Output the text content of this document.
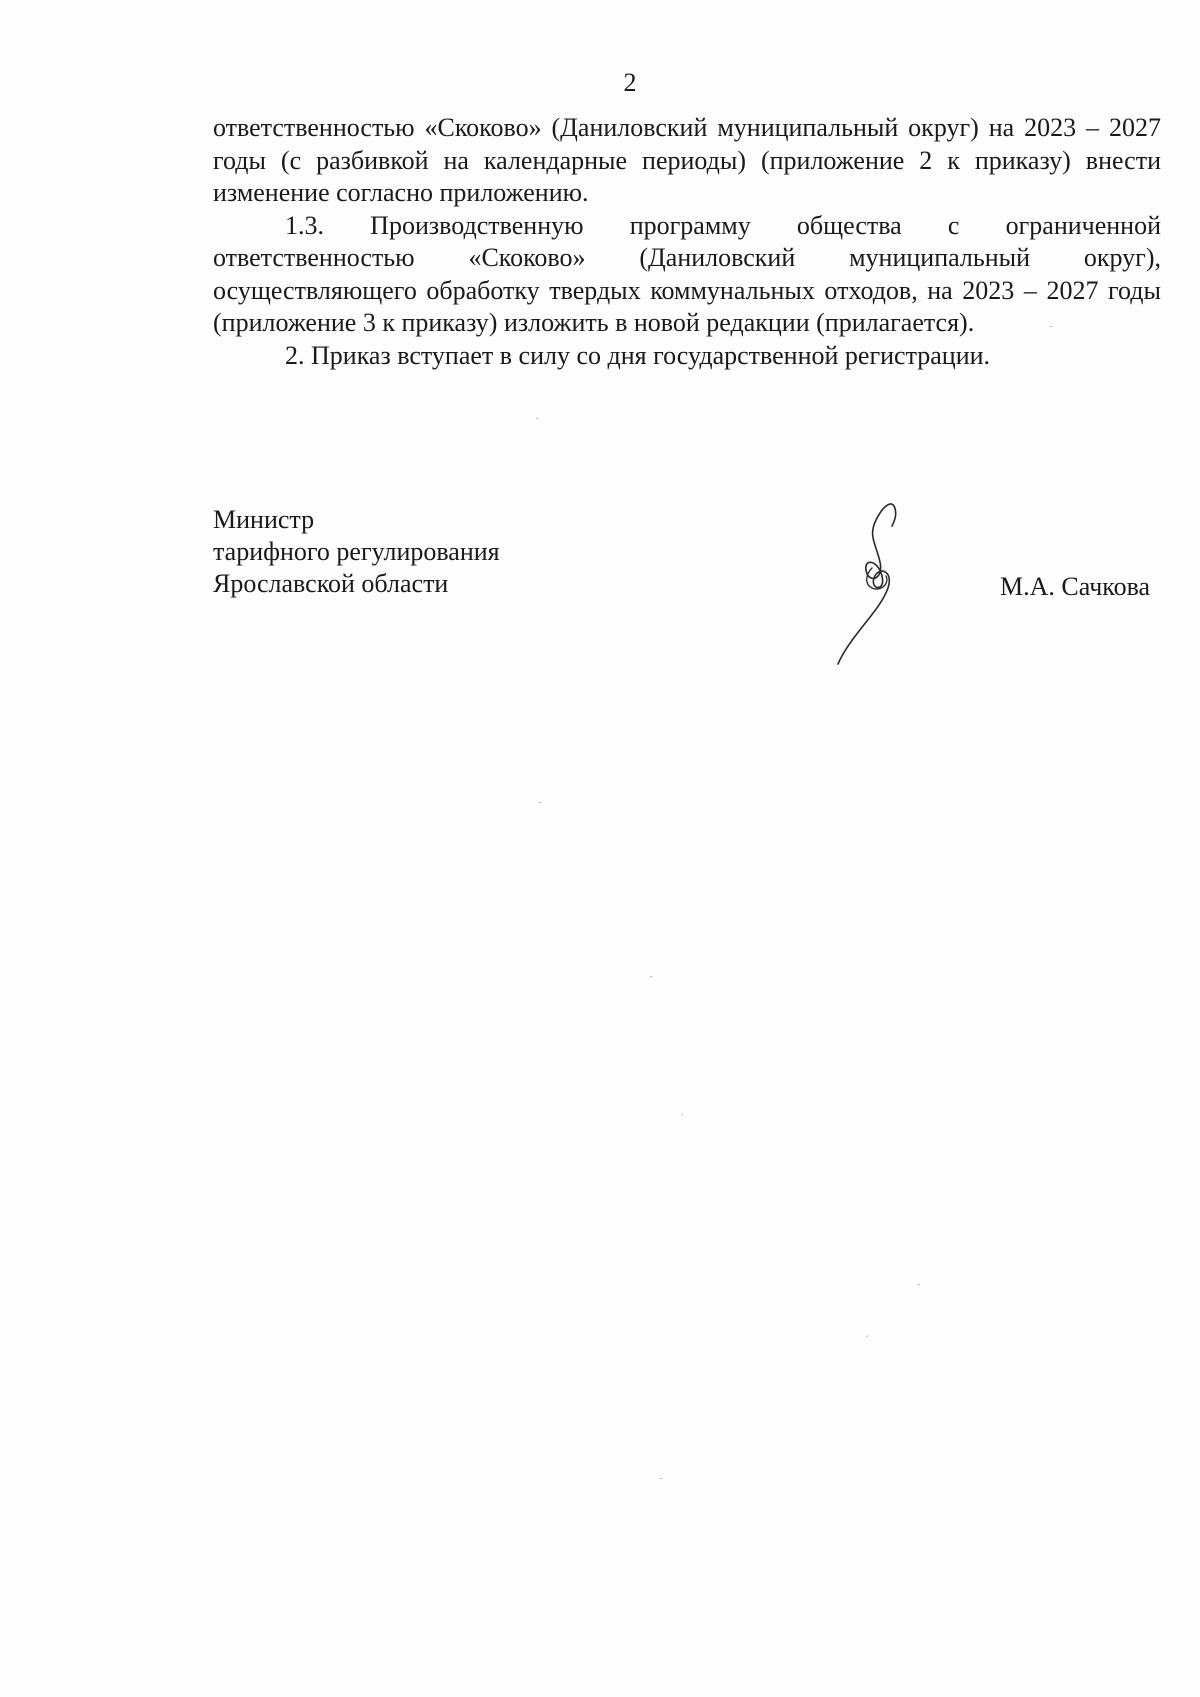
2

ответственностью «Скоково» (Даниловский муниципальный округ) на 2023 – 2027 годы (с разбивкой на календарные периоды) (приложение 2 к приказу) внести изменение согласно приложению.

1.3. Производственную программу общества с ограниченной ответственностью «Скоково» (Даниловский муниципальный округ), осуществляющего обработку твердых коммунальных отходов, на 2023 – 2027 годы (приложение 3 к приказу) изложить в новой редакции (прилагается).

2. Приказ вступает в силу со дня государственной регистрации.

Министр
тарифного регулирования
Ярославской области	М.А. Сачкова
